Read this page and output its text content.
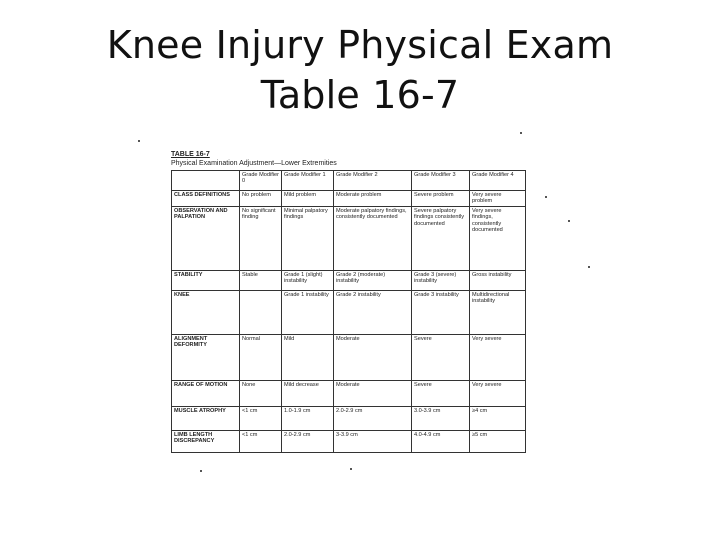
Knee Injury Physical Exam
Table 16-7
TABLE 16-7
Physical Examination Adjustment—Lower Extremities
	Grade Modifier 0	Grade Modifier 1	Grade Modifier 2	Grade Modifier 3	Grade Modifier 4
CLASS DEFINITIONS	No problem	Mild problem	Moderate problem	Severe problem	Very severe problem
OBSERVATION AND PALPATION	No significant finding	Minimal palpatory findings	Moderate palpatory findings, consistently documented	Severe palpatory findings consistently documented	Very severe findings, consistently documented
STABILITY	Stable	Grade 1 (slight) instability	Grade 2 (moderate) instability	Grade 3 (severe) instability	Gross instability
KNEE		Grade 1 instability	Grade 2 instability	Grade 3 instability	Multidirectional instability
ALIGNMENT DEFORMITY	Normal	Mild	Moderate	Severe	Very severe
RANGE OF MOTION	None	Mild decrease	Moderate	Severe	Very severe
MUSCLE ATROPHY	<1 cm	1.0-1.9 cm	2.0-2.9 cm	3.0-3.9 cm	≥4 cm
LIMB LENGTH DISCREPANCY	<1 cm	2.0-2.9 cm	3-3.9 cm	4.0-4.9 cm	≥5 cm
